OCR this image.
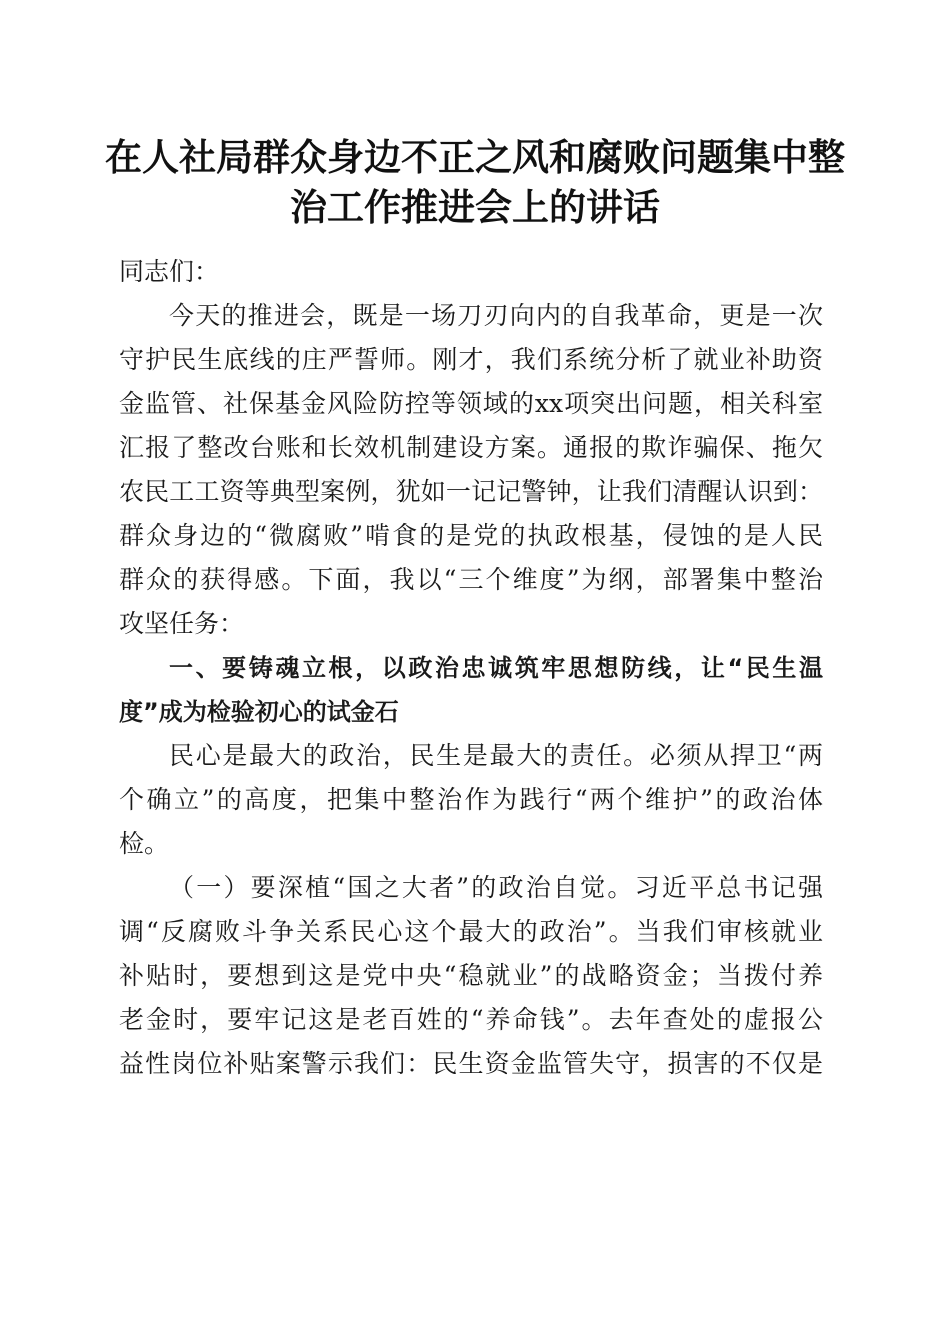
在人社局群众身边不正之风和腐败问题集中整
治工作推进会上的讲话
同志们：
今天的推进会，既是一场刀刃向内的自我革命，更是一次
守护民生底线的庄严誓师。刚才，我们系统分析了就业补助资
金监管、社保基金风险防控等领域的xx项突出问题，相关科室
汇报了整改台账和长效机制建设方案。通报的欺诈骗保、拖欠
农民工工资等典型案例，犹如一记记警钟，让我们清醒认识到：
群众身边的“微腐败”啃食的是党的执政根基，侵蚀的是人民
群众的获得感。下面，我以“三个维度”为纲，部署集中整治
攻坚任务：
一、要铸魂立根，以政治忠诚筑牢思想防线，让“民生温
度”成为检验初心的试金石
民心是最大的政治，民生是最大的责任。必须从捍卫“两
个确立”的高度，把集中整治作为践行“两个维护”的政治体
检。
（一）要深植“国之大者”的政治自觉。习近平总书记强
调“反腐败斗争关系民心这个最大的政治”。当我们审核就业
补贴时，要想到这是党中央“稳就业”的战略资金；当拨付养
老金时，要牢记这是老百姓的“养命钱”。去年查处的虚报公
益性岗位补贴案警示我们：民生资金监管失守，损害的不仅是
